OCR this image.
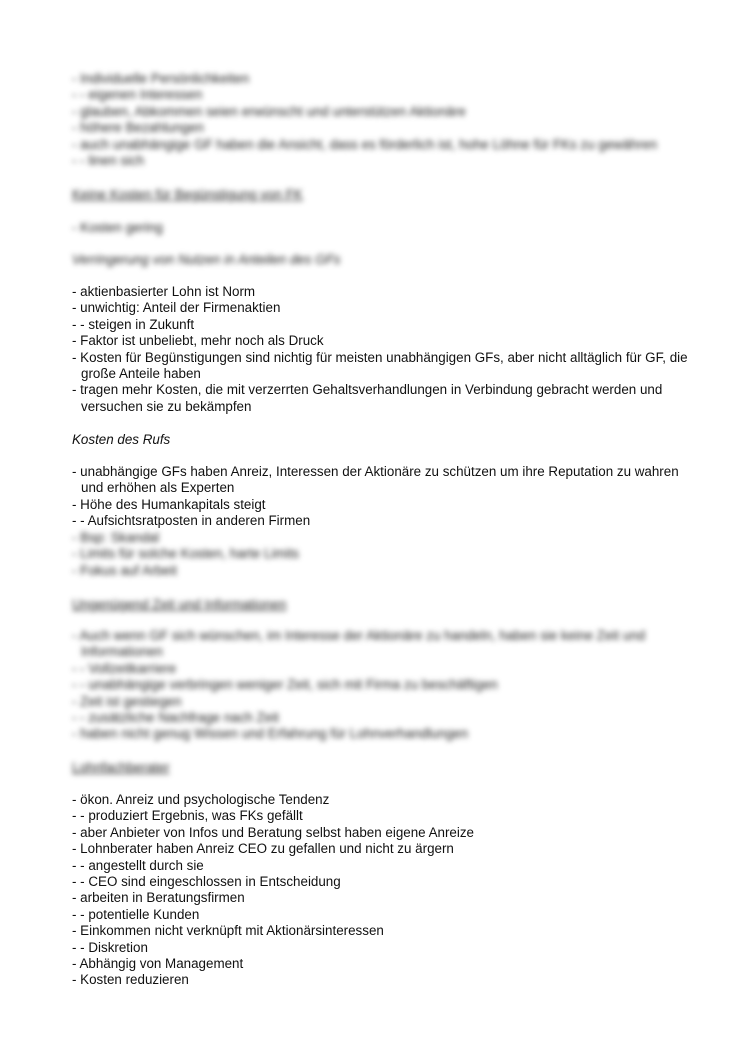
- Individuelle Persönlichkeiten

- - eigenen Interessen

- glauben, Abkommen seien erwünscht und unterstützen Aktionäre

- höhere Bezahlungen

- auch unabhängige GF haben die Ansicht, dass es förderlich ist, hohe Löhne für FKs zu gewähren

- - linen sich

Keine Kosten für Begünstigung von FK

- Kosten gering

Verringerung von Nutzen in Anteilen des GFs

- aktienbasierter Lohn ist Norm

- unwichtig: Anteil der Firmenaktien

- - steigen in Zukunft

- Faktor ist unbeliebt, mehr noch als Druck

- Kosten für Begünstigungen sind nichtig für meisten unabhängigen GFs, aber nicht alltäglich für GF, die große Anteile haben

- tragen mehr Kosten, die mit verzerrten Gehaltsverhandlungen in Verbindung gebracht werden und versuchen sie zu bekämpfen

Kosten des Rufs

- unabhängige GFs haben Anreiz, Interessen der Aktionäre zu schützen um ihre Reputation zu wahren und erhöhen als Experten

- Höhe des Humankapitals steigt

- - Aufsichtsratposten in anderen Firmen

- Bsp: Skandal

- Limits für solche Kosten, harte Limits

- Fokus auf Arbeit

Ungenügend Zeit und Informationen

- Auch wenn GF sich wünschen, im Interesse der Aktionäre zu handeln, haben sie keine Zeit und Informationen

- - Vollzeitkarriere

- - unabhängige verbringen weniger Zeit, sich mit Firma zu beschäftigen

- Zeit ist gestiegen

- - zusätzliche Nachfrage nach Zeit

- haben nicht genug Wissen und Erfahrung für Lohnverhandlungen

Lohnfachberater

- ökon. Anreiz und psychologische Tendenz

- - produziert Ergebnis, was FKs gefällt

- aber Anbieter von Infos und Beratung selbst haben eigene Anreize

- Lohnberater haben Anreiz CEO zu gefallen und nicht zu ärgern

- - angestellt durch sie

- - CEO sind eingeschlossen in Entscheidung

- arbeiten in Beratungsfirmen

- - potentielle Kunden

- Einkommen nicht verknüpft mit Aktionärsinteressen

- - Diskretion

- Abhängig von Management

- Kosten reduzieren
